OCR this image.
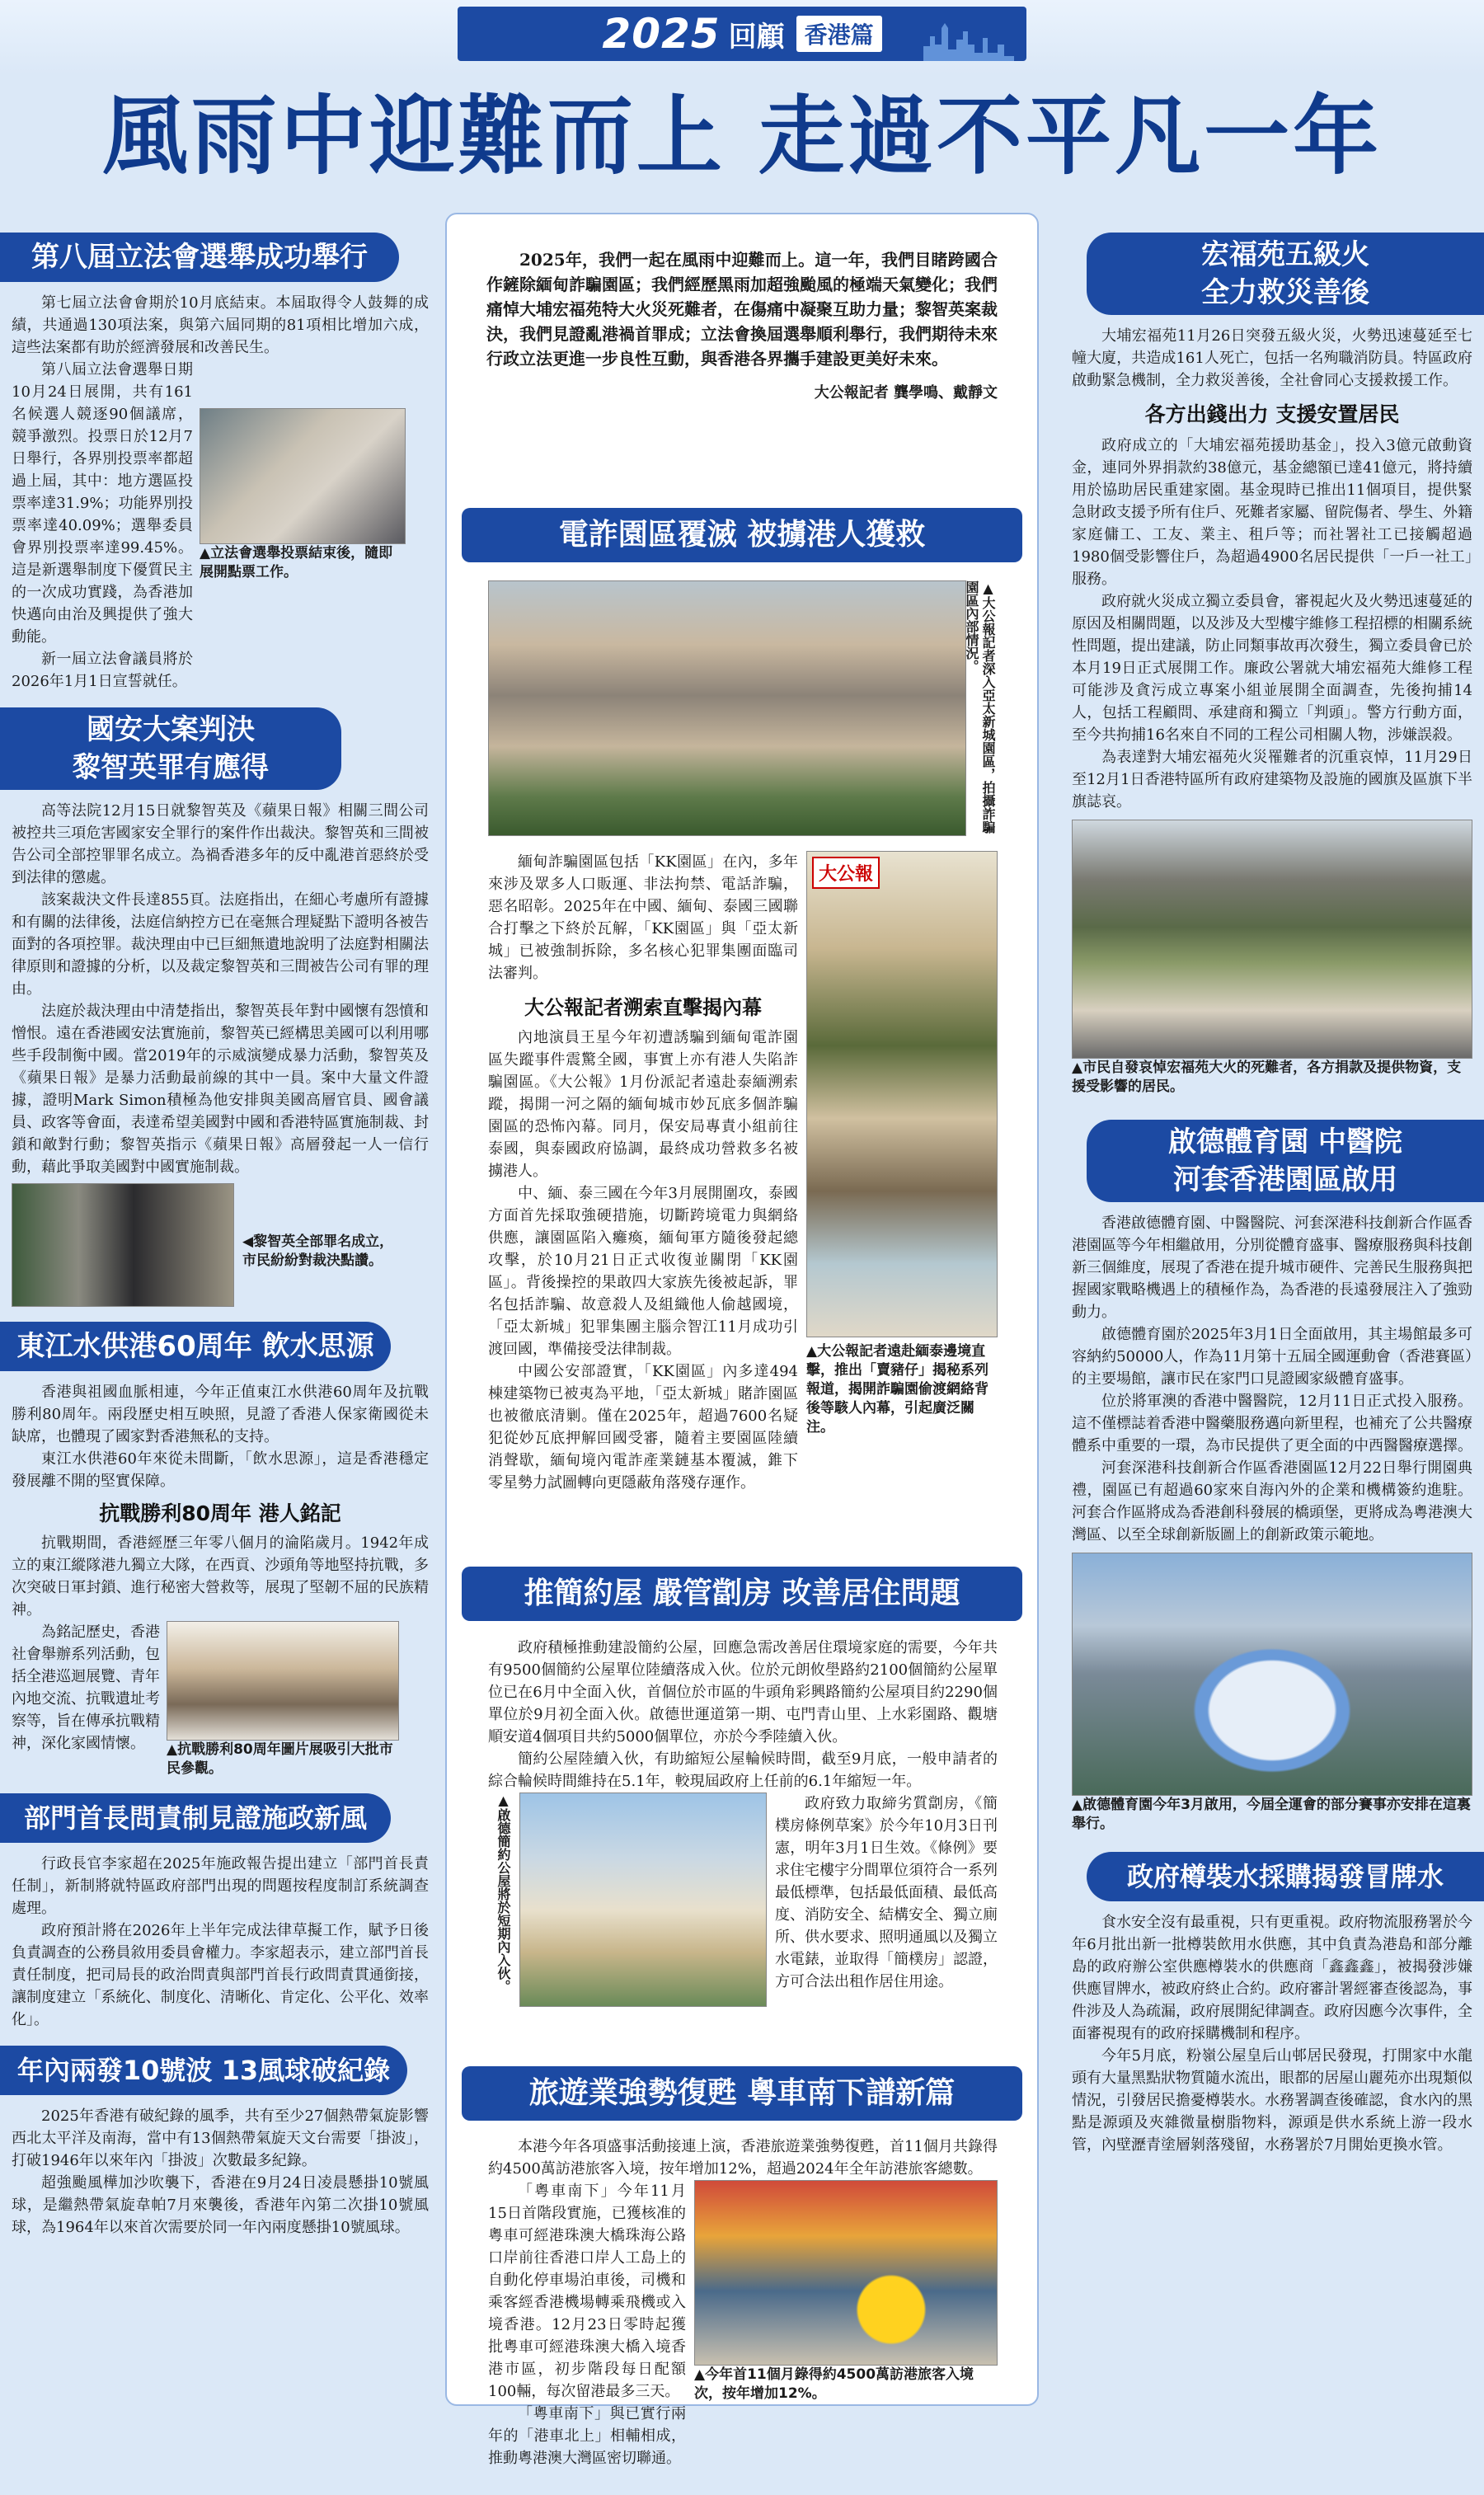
2025 回顧 香港篇
風雨中迎難而上 走過不平凡一年
第八屆立法會選舉成功舉行

第七屆立法會會期於10月底結束。本屆取得令人鼓舞的成績，共通過130項法案，與第六屆同期的81項相比增加六成，這些法案都有助於經濟發展和改善民生。

第八屆立法會選舉日期10月24日展開，共有161名候選人競逐90個議席，競爭激烈。投票日於12月7日舉行，各界別投票率都超過上屆，其中：地方選區投票率達31.9%；功能界別投票率達40.09%；選舉委員會界別投票率達99.45%。這是新選舉制度下優質民主的一次成功實踐，為香港加快邁向由治及興提供了強大動能。

新一屆立法會議員將於2026年1月1日宣誓就任。

▲立法會選舉投票結束後，隨即展開點票工作。
國安大案判決
黎智英罪有應得

高等法院12月15日就黎智英及《蘋果日報》相關三間公司被控共三項危害國家安全罪行的案件作出裁決。黎智英和三間被告公司全部控罪罪名成立。為禍香港多年的反中亂港首惡終於受到法律的懲處。

該案裁決文件長達855頁。法庭指出，在細心考慮所有證據和有關的法律後，法庭信納控方已在毫無合理疑點下證明各被告面對的各項控罪。裁決理由中已巨細無遺地說明了法庭對相關法律原則和證據的分析，以及裁定黎智英和三間被告公司有罪的理由。

法庭於裁決理由中清楚指出，黎智英長年對中國懷有怨憤和憎恨。遠在香港國安法實施前，黎智英已經構思美國可以利用哪些手段制衡中國。當2019年的示威演變成暴力活動，黎智英及《蘋果日報》是暴力活動最前線的其中一員。案中大量文件證據，證明Mark Simon積極為他安排與美國高層官員、國會議員、政客等會面，表達希望美國對中國和香港特區實施制裁、封鎖和敵對行動；黎智英指示《蘋果日報》高層發起一人一信行動，藉此爭取美國對中國實施制裁。

◀黎智英全部罪名成立，市民紛紛對裁決點讚。
東江水供港60周年 飲水思源

香港與祖國血脈相連，今年正值東江水供港60周年及抗戰勝利80周年。兩段歷史相互映照，見證了香港人保家衛國從未缺席，也體現了國家對香港無私的支持。

東江水供港60年來從未間斷，「飲水思源」，這是香港穩定發展離不開的堅實保障。

抗戰勝利80周年 港人銘記

抗戰期間，香港經歷三年零八個月的淪陷歲月。1942年成立的東江縱隊港九獨立大隊，在西貢、沙頭角等地堅持抗戰，多次突破日軍封鎖、進行秘密大營救等，展現了堅韌不屈的民族精神。

為銘記歷史，香港社會舉辦系列活動，包括全港巡迴展覽、青年內地交流、抗戰遺址考察等，旨在傳承抗戰精神，深化家國情懷。	▲抗戰勝利80周年圖片展吸引大批市民參觀。
部門首長問責制見證施政新風

行政長官李家超在2025年施政報告提出建立「部門首長責任制」，新制將就特區政府部門出現的問題按程度制訂系統調查處理。

政府預計將在2026年上半年完成法律草擬工作，賦予日後負責調查的公務員敘用委員會權力。李家超表示，建立部門首長責任制度，把司局長的政治問責與部門首長行政問責貫通銜接，讓制度建立「系統化、制度化、清晰化、肯定化、公平化、效率化」。

年內兩發10號波 13風球破紀錄

2025年香港有破紀錄的風季，共有至少27個熱帶氣旋影響西北太平洋及南海，當中有13個熱帶氣旋天文台需要「掛波」，打破1946年以來年內「掛波」次數最多紀錄。

超強颱風樺加沙吹襲下，香港在9月24日凌晨懸掛10號風球，是繼熱帶氣旋韋帕7月來襲後，香港年內第二次掛10號風球，為1964年以來首次需要於同一年內兩度懸掛10號風球。

2025年，我們一起在風雨中迎難而上。這一年，我們目睹跨國合作鏟除緬甸詐騙園區；我們經歷黑雨加超強颱風的極端天氣變化；我們痛悼大埔宏福苑特大火災死難者，在傷痛中凝聚互助力量；黎智英案裁決，我們見證亂港禍首罪成；立法會換屆選舉順利舉行，我們期待未來行政立法更進一步良性互動，與香港各界攜手建設更美好未來。

大公報記者 龔學鳴、戴靜文
電詐園區覆滅 被擄港人獲救
▲大公報記者深入亞太新城園區，拍攝詐騙園區內部情況。

緬甸詐騙園區包括「KK園區」在內，多年來涉及眾多人口販運、非法拘禁、電話詐騙，惡名昭彰。2025年在中國、緬甸、泰國三國聯合打擊之下終於瓦解，「KK園區」與「亞太新城」已被強制拆除，多名核心犯罪集團面臨司法審判。

大公報記者溯索直擊揭內幕

內地演員王星今年初遭誘騙到緬甸電詐園區失蹤事件震驚全國，事實上亦有港人失陷詐騙園區。《大公報》1月份派記者遠赴泰緬溯索蹤，揭開一河之隔的緬甸城市妙瓦底多個詐騙園區的恐怖內幕。同月，保安局專責小組前往泰國，與泰國政府協調，最終成功營救多名被擄港人。

中、緬、泰三國在今年3月展開圍攻，泰國方面首先採取強硬措施，切斷跨境電力與網絡供應，讓園區陷入癱瘓，緬甸軍方隨後發起總攻擊，於10月21日正式收復並關閉「KK園區」。背後操控的果敢四大家族先後被起訴，罪名包括詐騙、故意殺人及組織他人偷越國境，「亞太新城」犯罪集團主腦佘智江11月成功引渡回國，準備接受法律制裁。

中國公安部證實，「KK園區」內多達494棟建築物已被夷為平地，「亞太新城」賭詐園區也被徹底清剿。僅在2025年，超過7600名疑犯從妙瓦底押解回國受審，隨着主要園區陸續消聲歇，緬甸境內電詐產業鏈基本覆滅，錐下零星勢力試圖轉向更隱蔽角落殘存運作。

大公報
▲大公報記者遠赴緬泰邊境直擊，推出「賣豬仔」揭秘系列報道，揭開詐騙園偷渡網絡背後等駭人內幕，引起廣泛關注。
推簡約屋 嚴管劏房 改善居住問題

政府積極推動建設簡約公屋，回應急需改善居住環境家庭的需要，今年共有9500個簡約公屋單位陸續落成入伙。位於元朗攸壆路約2100個簡約公屋單位已在6月中全面入伙，首個位於市區的牛頭角彩興路簡約公屋項目約2290個單位於9月初全面入伙。啟德世運道第一期、屯門青山里、上水彩園路、觀塘順安道4個項目共約5000個單位，亦於今季陸續入伙。

簡約公屋陸續入伙，有助縮短公屋輪候時間，截至9月底，一般申請者的綜合輪候時間維持在5.1年，較現屆政府上任前的6.1年縮短一年。

▲啟德簡約公屋將於短期內入伙。	政府致力取締劣質劏房，《簡樸房條例草案》於今年10月3日刊憲，明年3月1日生效。《條例》要求住宅樓宇分間單位須符合一系列最低標準，包括最低面積、最低高度、消防安全、結構安全、獨立廁所、供水要求、照明通風以及獨立水電錶，並取得「簡樸房」認證，方可合法出租作居住用途。

旅遊業強勢復甦 粵車南下譜新篇

本港今年各項盛事活動接連上演，香港旅遊業強勢復甦，首11個月共錄得約4500萬訪港旅客入境，按年增加12%，超過2024年全年訪港旅客總數。

「粵車南下」今年11月15日首階段實施，已獲核准的粵車可經港珠澳大橋珠海公路口岸前往香港口岸人工島上的自動化停車場泊車後，司機和乘客經香港機場轉乘飛機或入境香港。12月23日零時起獲批粵車可經港珠澳大橋入境香港市區，初步階段每日配額100輛，每次留港最多三天。

「粵車南下」與已實行兩年的「港車北上」相輔相成，推動粵港澳大灣區密切聯通。

▲今年首11個月錄得約4500萬訪港旅客入境次，按年增加12%。
宏福苑五級火
全力救災善後

大埔宏福苑11月26日突發五級火災，火勢迅速蔓延至七幢大廈，共造成161人死亡，包括一名殉職消防員。特區政府啟動緊急機制，全力救災善後，全社會同心支援救援工作。

各方出錢出力 支援安置居民

政府成立的「大埔宏福苑援助基金」，投入3億元啟動資金，連同外界捐款約38億元，基金總額已達41億元，將持續用於協助居民重建家園。基金現時已推出11個項目，提供緊急財政支援予所有住戶、死難者家屬、留院傷者、學生、外籍家庭傭工、工友、業主、租戶等；而社署社工已接觸超過1980個受影響住戶，為超過4900名居民提供「一戶一社工」服務。

政府就火災成立獨立委員會，審視起火及火勢迅速蔓延的原因及相關問題，以及涉及大型樓宇維修工程招標的相關系統性問題，提出建議，防止同類事故再次發生，獨立委員會已於本月19日正式展開工作。廉政公署就大埔宏福苑大維修工程可能涉及貪污成立專案小組並展開全面調查，先後拘捕14人，包括工程顧問、承建商和獨立「判頭」。警方行動方面，至今共拘捕16名來自不同的工程公司相關人物，涉嫌誤殺。

為表達對大埔宏福苑火災罹難者的沉重哀悼，11月29日至12月1日香港特區所有政府建築物及設施的國旗及區旗下半旗誌哀。

▲市民自發哀悼宏福苑大火的死難者，各方捐款及提供物資，支援受影響的居民。
啟德體育園 中醫院
河套香港園區啟用

香港啟德體育園、中醫醫院、河套深港科技創新合作區香港園區等今年相繼啟用，分別從體育盛事、醫療服務與科技創新三個維度，展現了香港在提升城市硬件、完善民生服務與把握國家戰略機遇上的積極作為，為香港的長遠發展注入了強勁動力。

啟德體育園於2025年3月1日全面啟用，其主場館最多可容納約50000人，作為11月第十五屆全國運動會（香港賽區）的主要場館，讓市民在家門口見證國家級體育盛事。

位於將軍澳的香港中醫醫院，12月11日正式投入服務。這不僅標誌着香港中醫藥服務邁向新里程，也補充了公共醫療體系中重要的一環，為市民提供了更全面的中西醫醫療選擇。

河套深港科技創新合作區香港園區12月22日舉行開園典禮，園區已有超過60家來自海內外的企業和機構簽約進駐。河套合作區將成為香港創科發展的橋頭堡，更將成為粵港澳大灣區、以至全球創新版圖上的創新政策示範地。

▲啟德體育園今年3月啟用，今屆全運會的部分賽事亦安排在這裏舉行。
政府樽裝水採購揭發冒牌水

食水安全沒有最重視，只有更重視。政府物流服務署於今年6月批出新一批樽裝飲用水供應，其中負責為港島和部分離島的政府辦公室供應樽裝水的供應商「鑫鑫鑫」，被揭發涉嫌供應冒牌水，被政府終止合約。政府審計署經審查後認為，事件涉及人為疏漏，政府展開紀律調查。政府因應今次事件，全面審視現有的政府採購機制和程序。

今年5月底，粉嶺公屋皇后山邨居民發現，打開家中水龍頭有大量黑點狀物質隨水流出，眼都的居屋山麗苑亦出現類似情況，引發居民擔憂樽裝水。水務署調查後確認，食水內的黑點是源頭及夾雜微量樹脂物料，源頭是供水系統上游一段水管，內壁瀝青塗層剝落殘留，水務署於7月開始更換水管。
